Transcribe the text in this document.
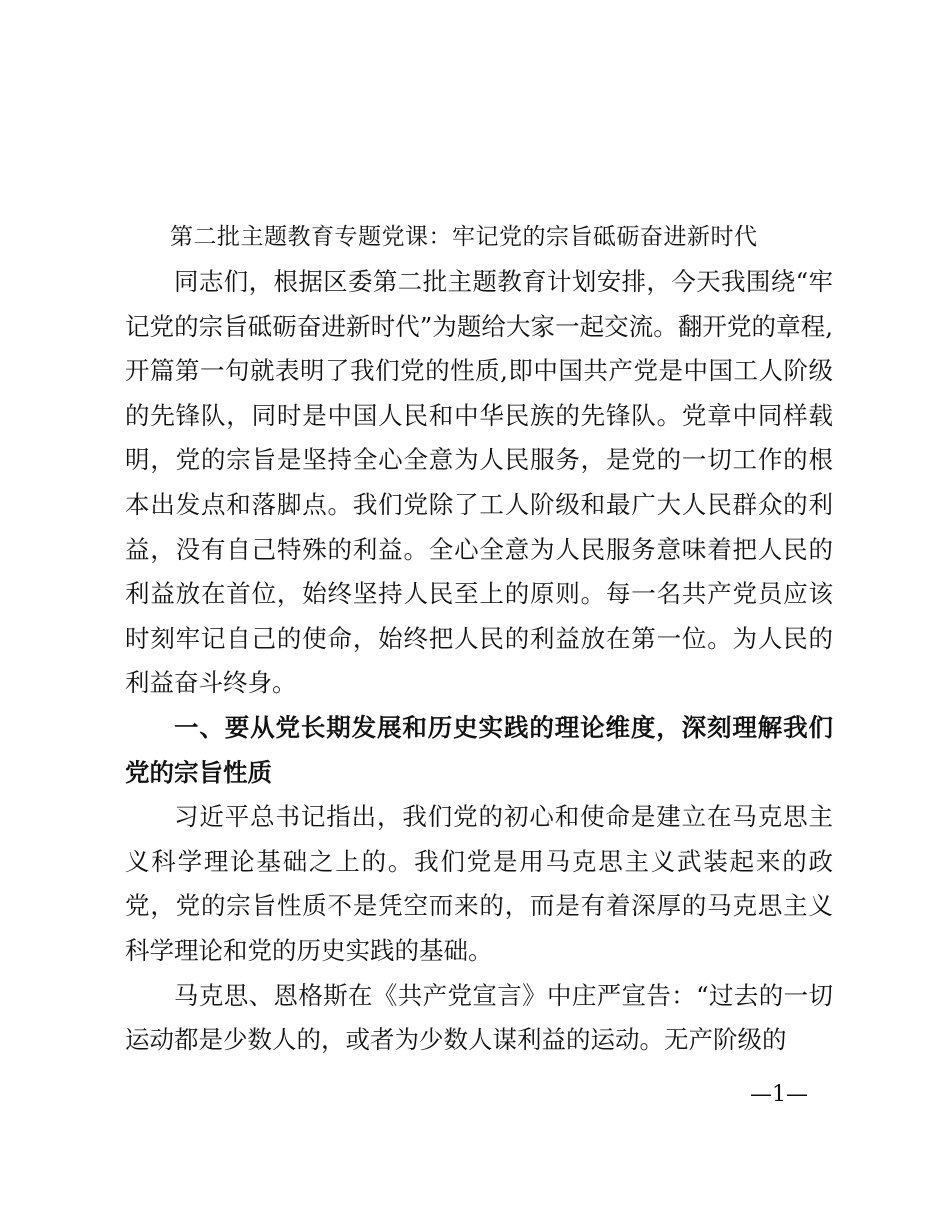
第二批主题教育专题党课：牢记党的宗旨砥砺奋进新时代

同志们，根据区委第二批主题教育计划安排，今天我围绕“牢记党的宗旨砥砺奋进新时代”为题给大家一起交流。翻开党的章程,开篇第一句就表明了我们党的性质,即中国共产党是中国工人阶级的先锋队，同时是中国人民和中华民族的先锋队。党章中同样载明，党的宗旨是坚持全心全意为人民服务，是党的一切工作的根本出发点和落脚点。我们党除了工人阶级和最广大人民群众的利益，没有自己特殊的利益。全心全意为人民服务意味着把人民的利益放在首位，始终坚持人民至上的原则。每一名共产党员应该时刻牢记自己的使命，始终把人民的利益放在第一位。为人民的利益奋斗终身。

一、要从党长期发展和历史实践的理论维度，深刻理解我们党的宗旨性质

习近平总书记指出，我们党的初心和使命是建立在马克思主义科学理论基础之上的。我们党是用马克思主义武装起来的政党，党的宗旨性质不是凭空而来的，而是有着深厚的马克思主义科学理论和党的历史实践的基础。

马克思、恩格斯在《共产党宣言》中庄严宣告：“过去的一切运动都是少数人的，或者为少数人谋利益的运动。无产阶级的

—1—
